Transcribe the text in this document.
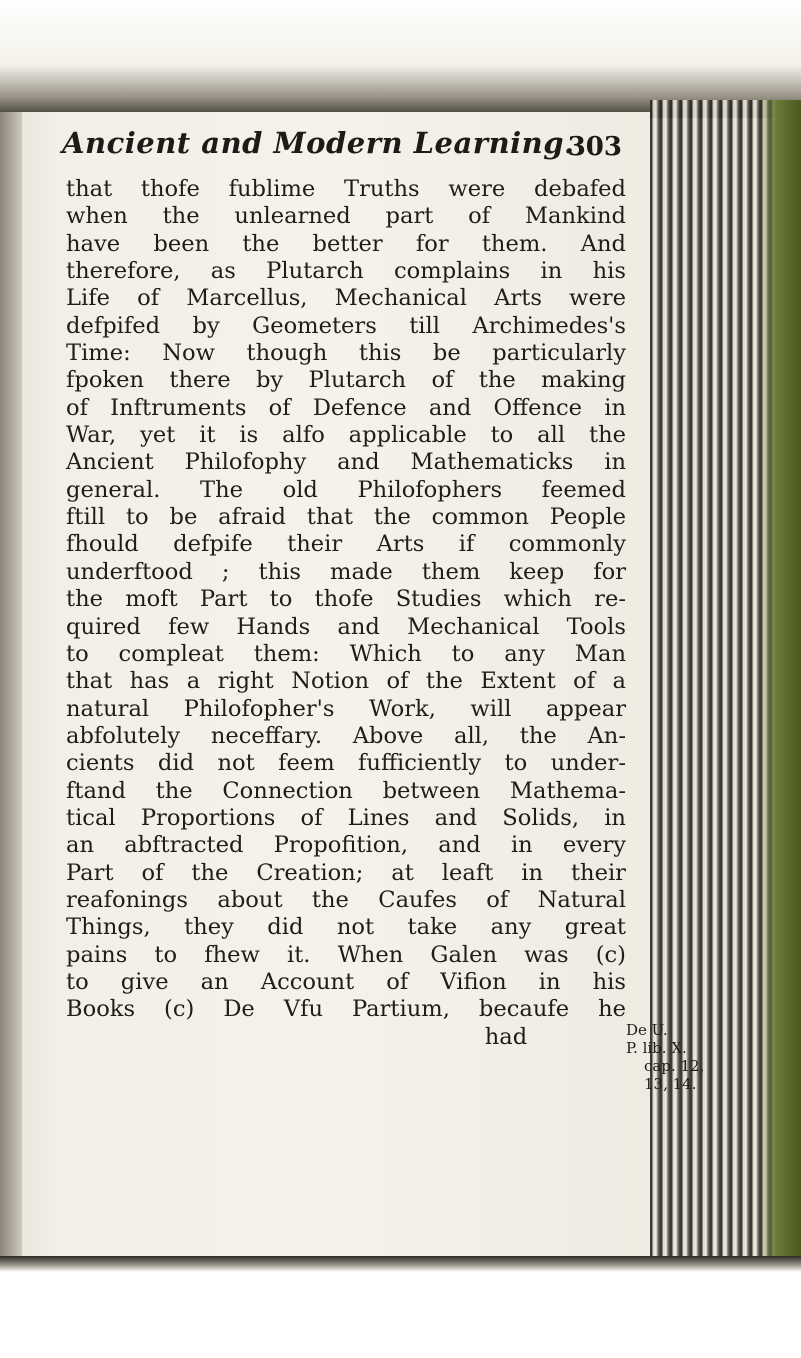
Ancient and Modern Learning.
303
that thofe fublime Truths were debafed
when the unlearned part of Mankind
have been the better for them. And
therefore, as Plutarch complains in his
Life of Marcellus, Mechanical Arts were
defpifed by Geometers till Archimedes's
Time: Now though this be particularly
fpoken there by Plutarch of the making
of Inftruments of Defence and Offence in
War, yet it is alfo applicable to all the
Ancient Philofophy and Mathematicks in
general. The old Philofophers feemed
ftill to be afraid that the common People
fhould defpife their Arts if commonly
underftood ; this made them keep for
the moft Part to thofe Studies which re-
quired few Hands and Mechanical Tools
to compleat them: Which to any Man
that has a right Notion of the Extent of a
natural Philofopher's Work, will appear
abfolutely neceffary. Above all, the An-
cients did not feem fufficiently to under-
ftand the Connection between Mathema-
tical Proportions of Lines and Solids, in
an abftracted Propofition, and in every
Part of the Creation; at leaft in their
reafonings about the Caufes of Natural
Things, they did not take any great
pains to fhew it. When Galen was (c)
to give an Account of Vifion in his
Books (c) De Vfu Partium, becaufe he
had	De U.
P. lib. X.
cap. 12,
13, 14.
